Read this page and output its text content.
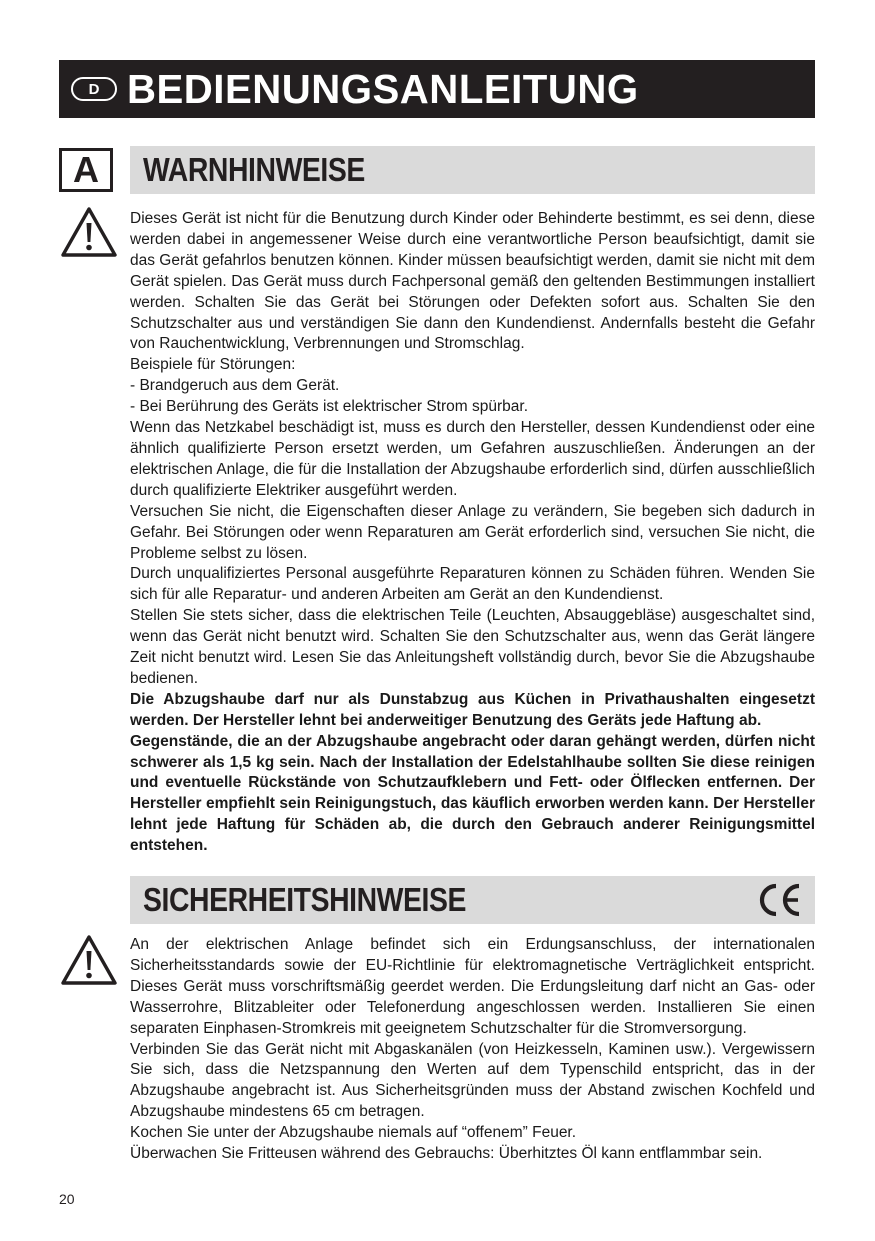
D BEDIENUNGSANLEITUNG
A	WARNHINWEISE

Dieses Gerät ist nicht für die Benutzung durch Kinder oder Behinderte bestimmt, es sei denn, diese werden dabei in angemessener Weise durch eine verantwortliche Person beaufsichtigt, damit sie das Gerät gefahrlos benutzen können. Kinder müssen beaufsichtigt werden, damit sie nicht mit dem Gerät spielen. Das Gerät muss durch Fachpersonal gemäß den geltenden Bestimmungen installiert werden. Schalten Sie das Gerät bei Störungen oder Defekten sofort aus. Schalten Sie den Schutzschalter aus und verständigen Sie dann den Kundendienst. Andernfalls besteht die Gefahr von Rauchentwicklung, Verbrennungen und Stromschlag.

Beispiele für Störungen:

- Brandgeruch aus dem Gerät.

- Bei Berührung des Geräts ist elektrischer Strom spürbar.

Wenn das Netzkabel beschädigt ist, muss es durch den Hersteller, dessen Kundendienst oder eine ähnlich qualifizierte Person ersetzt werden, um Gefahren auszuschließen. Änderungen an der elektrischen Anlage, die für die Installation der Abzugshaube erforderlich sind, dürfen ausschließlich durch qualifizierte Elektriker ausgeführt werden.

Versuchen Sie nicht, die Eigenschaften dieser Anlage zu verändern, Sie begeben sich dadurch in Gefahr. Bei Störungen oder wenn Reparaturen am Gerät erforderlich sind, versuchen Sie nicht, die Probleme selbst zu lösen.

Durch unqualifiziertes Personal ausgeführte Reparaturen können zu Schäden führen. Wenden Sie sich für alle Reparatur- und anderen Arbeiten am Gerät an den Kundendienst.

Stellen Sie stets sicher, dass die elektrischen Teile (Leuchten, Absauggebläse) ausgeschaltet sind, wenn das Gerät nicht benutzt wird. Schalten Sie den Schutzschalter aus, wenn das Gerät längere Zeit nicht benutzt wird. Lesen Sie das Anleitungsheft vollständig durch, bevor Sie die Abzugshaube bedienen.

Die Abzugshaube darf nur als Dunstabzug aus Küchen in Privathaushalten eingesetzt werden. Der Hersteller lehnt bei anderweitiger Benutzung des Geräts jede Haftung ab.

Gegenstände, die an der Abzugshaube angebracht oder daran gehängt werden, dürfen nicht schwerer als 1,5 kg sein. Nach der Installation der Edelstahlhaube sollten Sie diese reinigen und eventuelle Rückstände von Schutzaufklebern und Fett- oder Ölflecken entfernen. Der Hersteller empfiehlt sein Reinigungstuch, das käuflich erworben werden kann. Der Hersteller lehnt jede Haftung für Schäden ab, die durch den Gebrauch anderer Reinigungsmittel entstehen.

SICHERHEITSHINWEISE

An der elektrischen Anlage befindet sich ein Erdungsanschluss, der internationalen Sicherheitsstandards sowie der EU-Richtlinie für elektromagnetische Verträglichkeit entspricht. Dieses Gerät muss vorschriftsmäßig geerdet werden. Die Erdungsleitung darf nicht an Gas- oder Wasserrohre, Blitzableiter oder Telefonerdung angeschlossen werden. Installieren Sie einen separaten Einphasen-Stromkreis mit geeignetem Schutzschalter für die Stromversorgung.

Verbinden Sie das Gerät nicht mit Abgaskanälen (von Heizkesseln, Kaminen usw.). Vergewissern Sie sich, dass die Netzspannung den Werten auf dem Typenschild entspricht, das in der Abzugshaube angebracht ist. Aus Sicherheitsgründen muss der Abstand zwischen Kochfeld und Abzugshaube mindestens 65 cm betragen.

Kochen Sie unter der Abzugshaube niemals auf “offenem” Feuer.

Überwachen Sie Fritteusen während des Gebrauchs: Überhitztes Öl kann entflammbar sein.

20
